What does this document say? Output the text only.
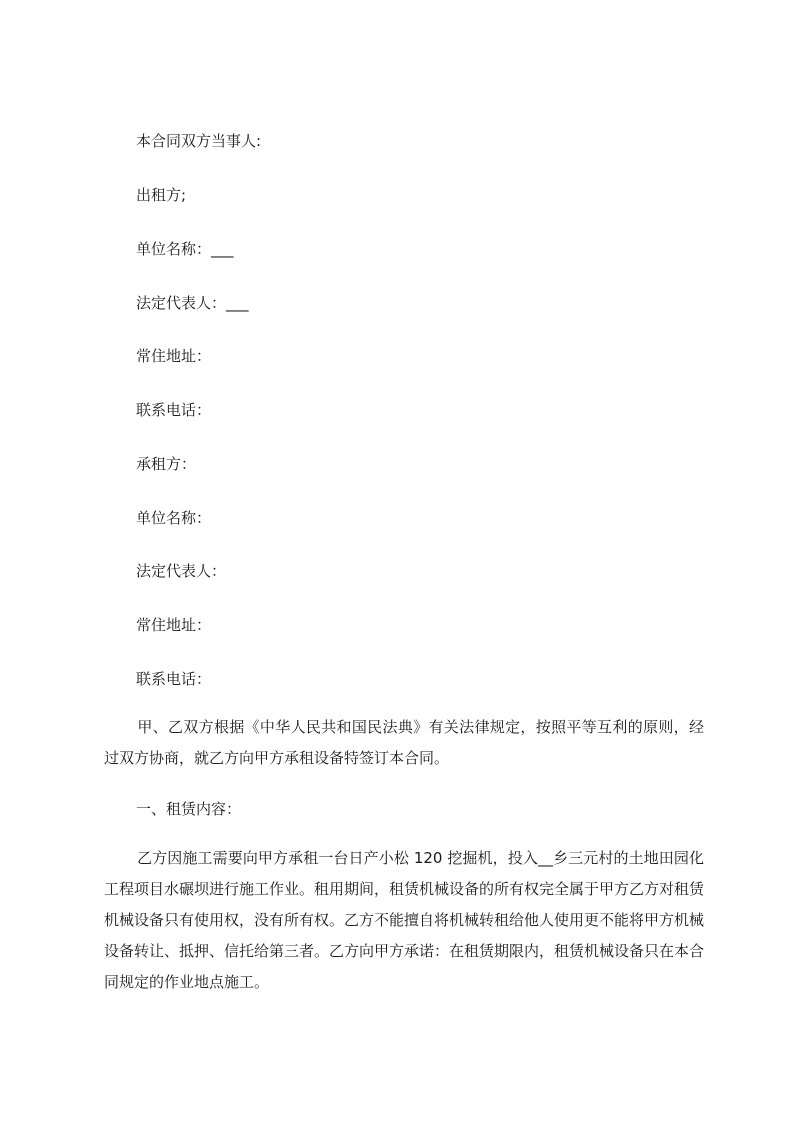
本合同双方当事人:
出租方;
单位名称：___
法定代表人：___
常住地址：
联系电话：
承租方：
单位名称：
法定代表人：
常住地址：
联系电话：
甲、乙双方根据《中华人民共和国民法典》有关法律规定，按照平等互利的原则，经过双方协商，就乙方向甲方承租设备特签订本合同。
一、租赁内容：
乙方因施工需要向甲方承租一台日产小松 120 挖掘机，投入__乡三元村的土地田园化工程项目水碾坝进行施工作业。租用期间，租赁机械设备的所有权完全属于甲方乙方对租赁机械设备只有使用权，没有所有权。乙方不能擅自将机械转租给他人使用更不能将甲方机械设备转让、抵押、信托给第三者。乙方向甲方承诺：在租赁期限内，租赁机械设备只在本合同规定的作业地点施工。
